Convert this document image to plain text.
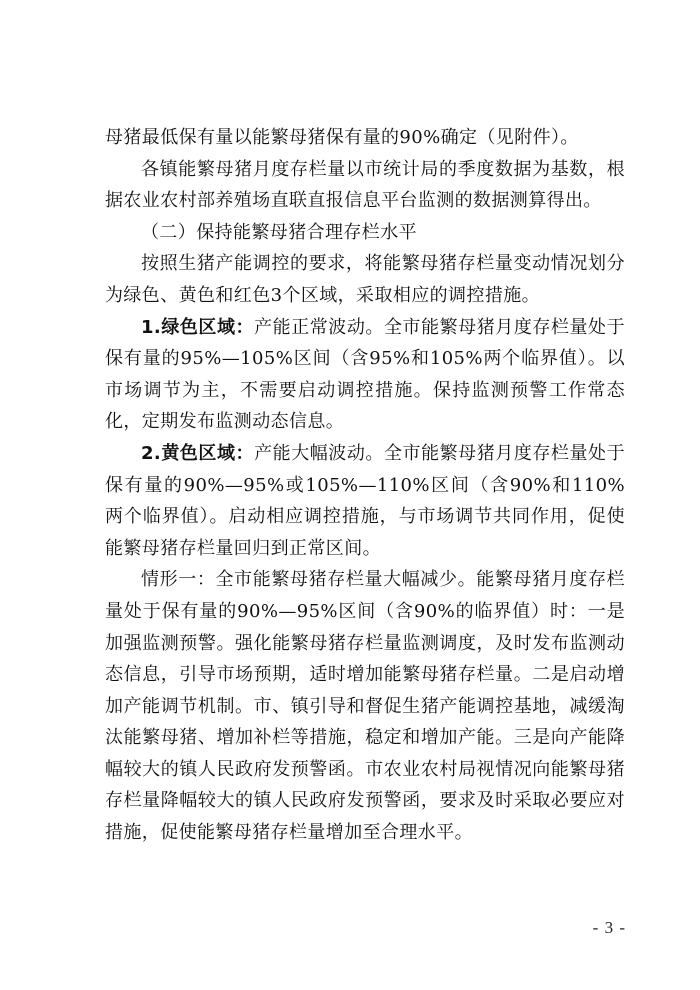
母猪最低保有量以能繁母猪保有量的90%确定（见附件）。

各镇能繁母猪月度存栏量以市统计局的季度数据为基数，根据农业农村部养殖场直联直报信息平台监测的数据测算得出。

（二）保持能繁母猪合理存栏水平

按照生猪产能调控的要求，将能繁母猪存栏量变动情况划分为绿色、黄色和红色3个区域，采取相应的调控措施。

1.绿色区域：产能正常波动。全市能繁母猪月度存栏量处于保有量的95%—105%区间（含95%和105%两个临界值）。以市场调节为主，不需要启动调控措施。保持监测预警工作常态化，定期发布监测动态信息。

2.黄色区域：产能大幅波动。全市能繁母猪月度存栏量处于保有量的90%—95%或105%—110%区间（含90%和110%两个临界值）。启动相应调控措施，与市场调节共同作用，促使能繁母猪存栏量回归到正常区间。

情形一：全市能繁母猪存栏量大幅减少。能繁母猪月度存栏量处于保有量的90%—95%区间（含90%的临界值）时：一是加强监测预警。强化能繁母猪存栏量监测调度，及时发布监测动态信息，引导市场预期，适时增加能繁母猪存栏量。二是启动增加产能调节机制。市、镇引导和督促生猪产能调控基地，减缓淘汰能繁母猪、增加补栏等措施，稳定和增加产能。三是向产能降幅较大的镇人民政府发预警函。市农业农村局视情况向能繁母猪存栏量降幅较大的镇人民政府发预警函，要求及时采取必要应对措施，促使能繁母猪存栏量增加至合理水平。

- 3 -
